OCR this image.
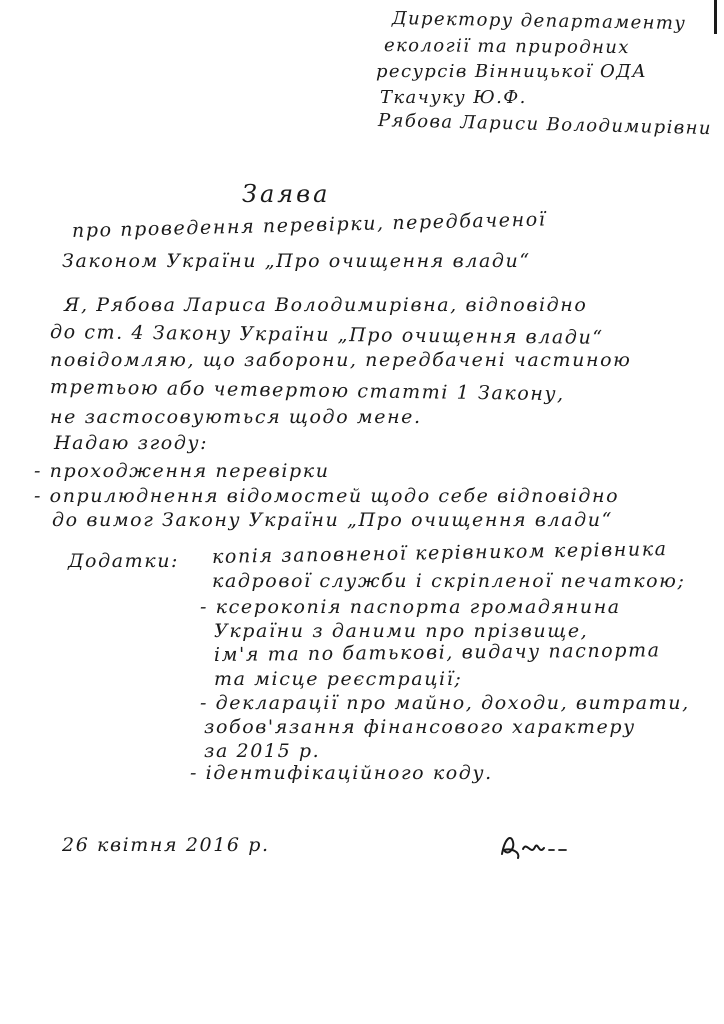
Директору департаменту
екології та природних
ресурсів Вінницької ОДА
Ткачуку Ю.Ф.
Рябова Лариси Володимирівни
Заява
про проведення перевірки, передбаченої
Законом України „Про очищення влади“
Я, Рябова Лариса Володимирівна, відповідно
до ст. 4 Закону України „Про очищення влади“
повідомляю, що заборони, передбачені частиною
третьою або четвертою статті 1 Закону,
не застосовуються щодо мене.
Надаю згоду:
- проходження перевірки
- оприлюднення відомостей щодо себе відповідно
до вимог Закону України „Про очищення влади“
Додатки: копія заповненої керівником керівника
кадрової служби і скріпленої печаткою;
- ксерокопія паспорта громадянина
України з даними про прізвище,
ім'я та по батькові, видачу паспорта
та місце реєстрації;
- декларації про майно, доходи, витрати,
зобов'язання фінансового характеру
за 2015 р.
- ідентифікаційного коду.
26 квітня 2016 р.
